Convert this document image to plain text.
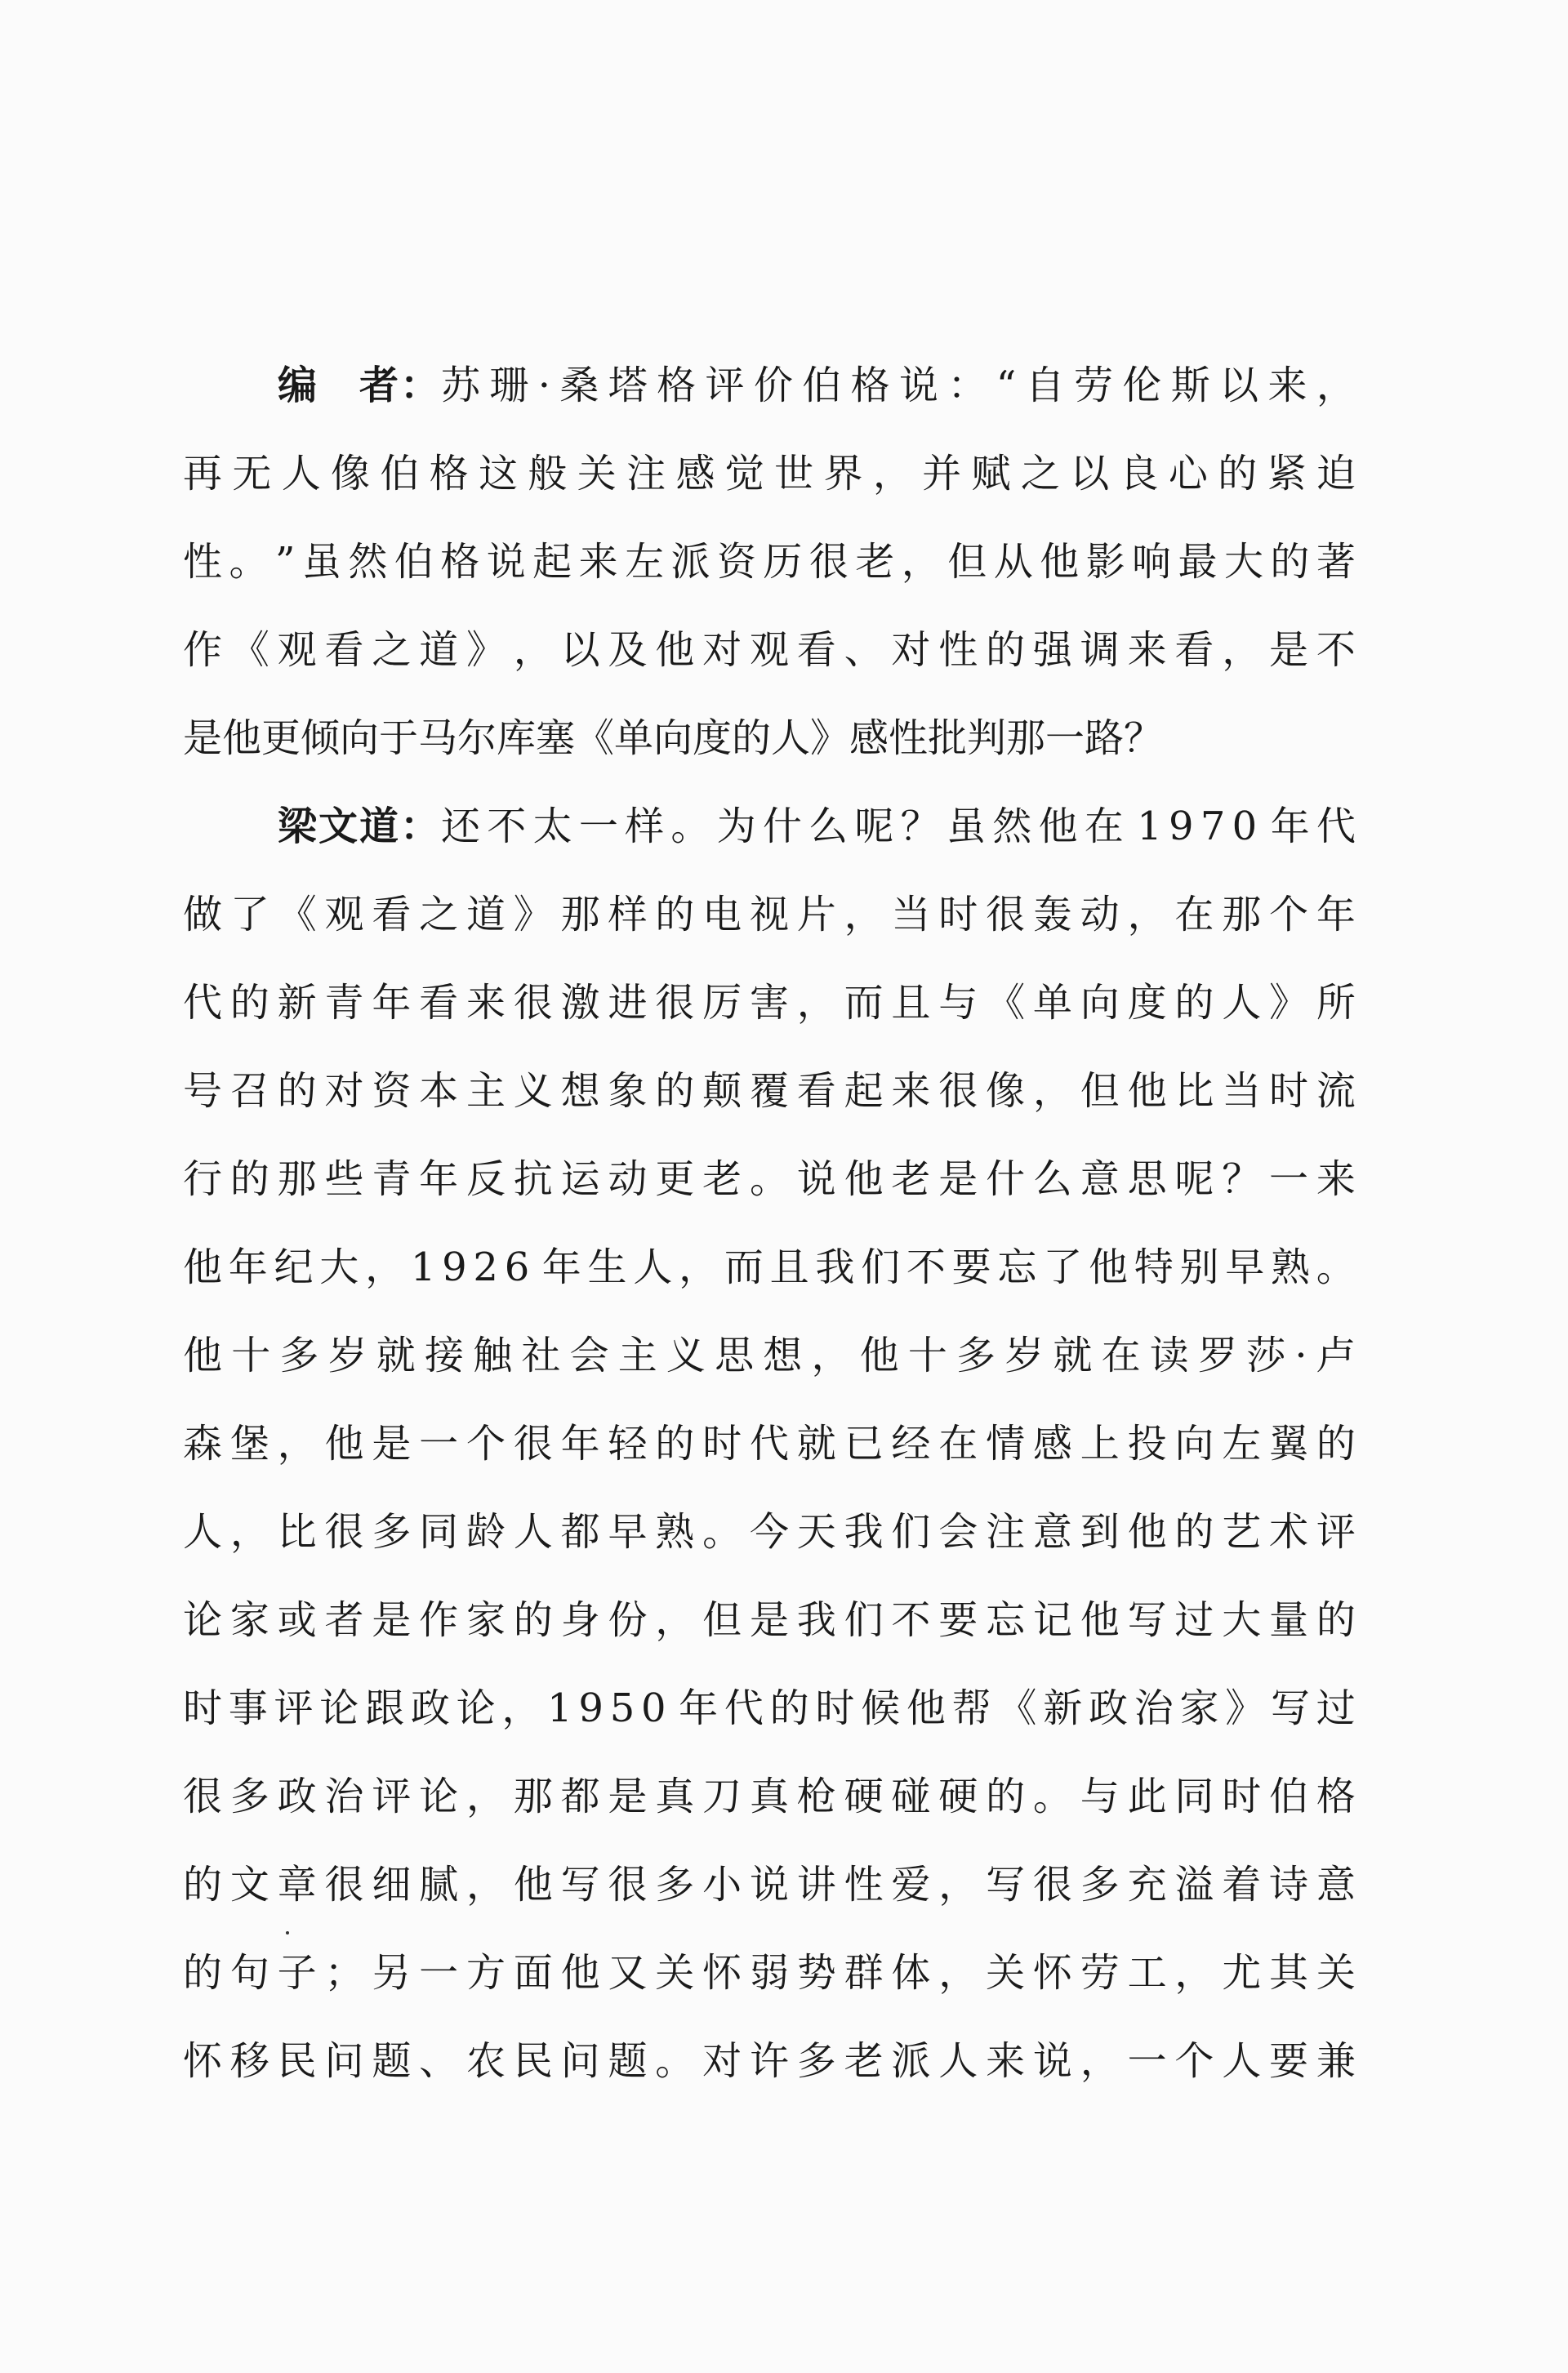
编　者： 苏 珊 · 桑 塔 格 评 价 伯 格 说 ： “ 自 劳 伦 斯 以 来 ，
再 无 人 像 伯 格 这 般 关 注 感 觉 世 界 ， 并 赋 之 以 良 心 的 紧 迫
性 。 ” 虽 然 伯 格 说 起 来 左 派 资 历 很 老 ， 但 从 他 影 响 最 大 的 著
作 《 观 看 之 道 》 ， 以 及 他 对 观 看 、 对 性 的 强 调 来 看 ， 是 不
是他更倾向于马尔库塞《单向度的人》感性批判那一路？
梁文道： 还 不 太 一 样 。 为 什 么 呢 ？ 虽 然 他 在 1 9 7 0 年 代
做 了 《 观 看 之 道 》 那 样 的 电 视 片 ， 当 时 很 轰 动 ， 在 那 个 年
代 的 新 青 年 看 来 很 激 进 很 厉 害 ， 而 且 与 《 单 向 度 的 人 》 所
号 召 的 对 资 本 主 义 想 象 的 颠 覆 看 起 来 很 像 ， 但 他 比 当 时 流
行 的 那 些 青 年 反 抗 运 动 更 老 。 说 他 老 是 什 么 意 思 呢 ？ 一 来
他 年 纪 大 ， 1 9 2 6 年 生 人 ， 而 且 我 们 不 要 忘 了 他 特 别 早 熟 。
他 十 多 岁 就 接 触 社 会 主 义 思 想 ， 他 十 多 岁 就 在 读 罗 莎 · 卢
森 堡 ， 他 是 一 个 很 年 轻 的 时 代 就 已 经 在 情 感 上 投 向 左 翼 的
人 ， 比 很 多 同 龄 人 都 早 熟 。 今 天 我 们 会 注 意 到 他 的 艺 术 评
论 家 或 者 是 作 家 的 身 份 ， 但 是 我 们 不 要 忘 记 他 写 过 大 量 的
时 事 评 论 跟 政 论 ， 1 9 5 0 年 代 的 时 候 他 帮 《 新 政 治 家 》 写 过
很 多 政 治 评 论 ， 那 都 是 真 刀 真 枪 硬 碰 硬 的 。 与 此 同 时 伯 格
的 文 章 很 细 腻 ， 他 写 很 多 小 说 讲 性 爱 ， 写 很 多 充 溢 着 诗 意
的 句 子 ； 另 一 方 面 他 又 关 怀 弱 势 群 体 ， 关 怀 劳 工 ， 尤 其 关
怀 移 民 问 题 、 农 民 问 题 。 对 许 多 老 派 人 来 说 ， 一 个 人 要 兼
